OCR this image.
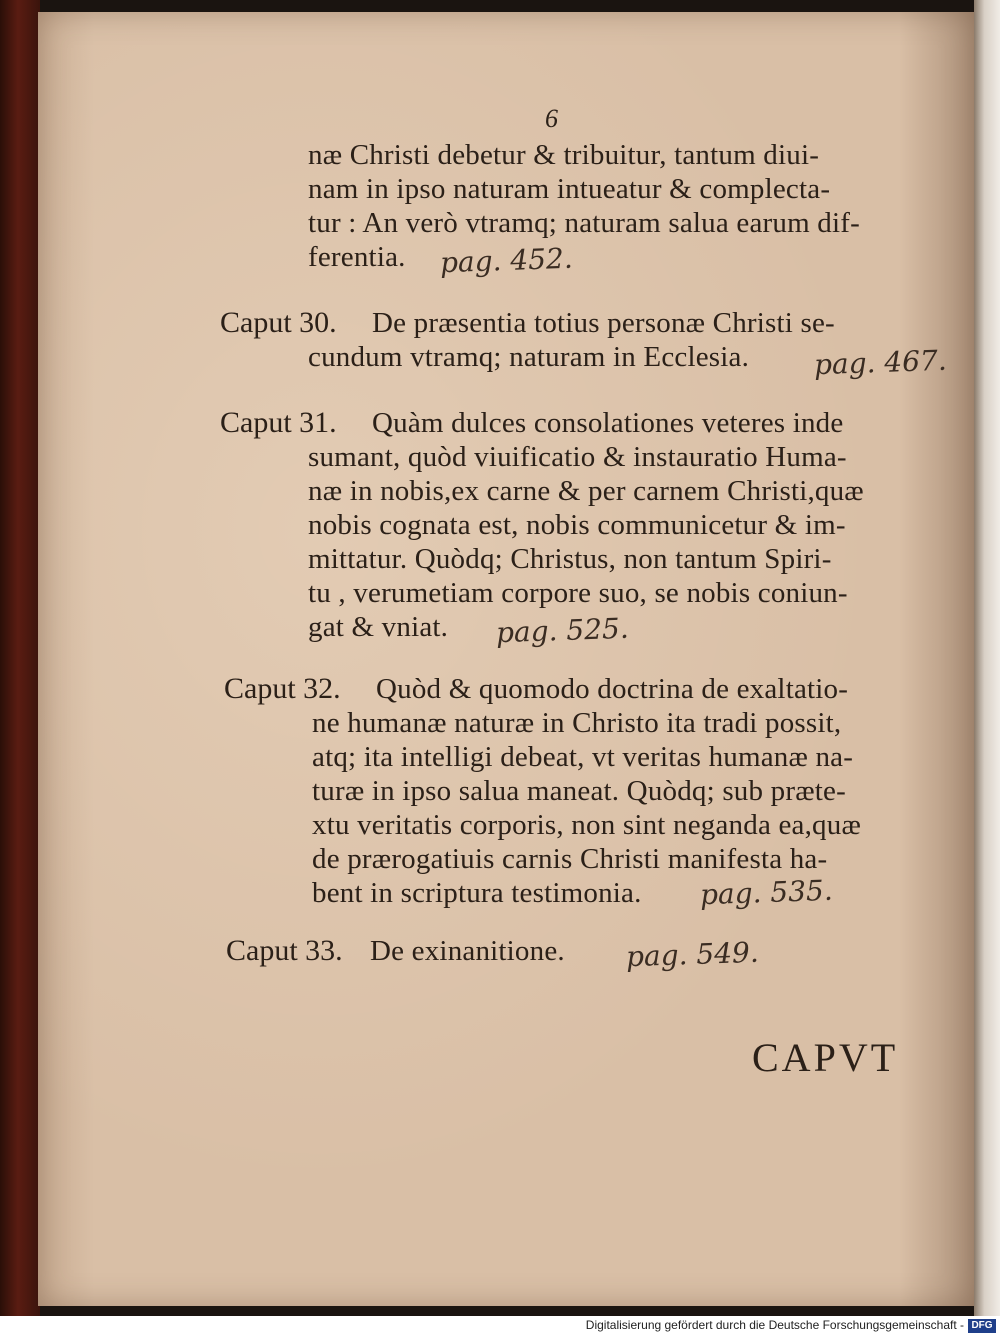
6
næ Christi debetur & tribuitur, tantum diui‑
nam in ipso naturam intueatur & complecta‑
tur : An verò vtramq; naturam salua earum dif‑
ferentia. pag. 452.
Caput 30. De præsentia totius personæ Christi se‑
cundum vtramq; naturam in Ecclesia. pag. 467.
Caput 31. Quàm dulces consolationes veteres inde
sumant, quòd viuificatio & instauratio Huma‑
næ in nobis,ex carne & per carnem Christi,quæ
nobis cognata est, nobis communicetur & im‑
mittatur. Quòdq; Christus, non tantum Spiri‑
tu , verumetiam corpore suo, se nobis coniun‑
gat & vniat. pag. 525.
Caput 32. Quòd & quomodo doctrina de exaltatio‑
ne humanæ naturæ in Christo ita tradi possit,
atq; ita intelligi debeat, vt veritas humanæ na‑
turæ in ipso salua maneat. Quòdq; sub præte‑
xtu veritatis corporis, non sint neganda ea,quæ
de prærogatiuis carnis Christi manifesta ha‑
bent in scriptura testimonia. pag. 535.
Caput 33. De exinanitione. pag. 549.
CAPVT
Digitalisierung gefördert durch die Deutsche Forschungsgemeinschaft - DFG
